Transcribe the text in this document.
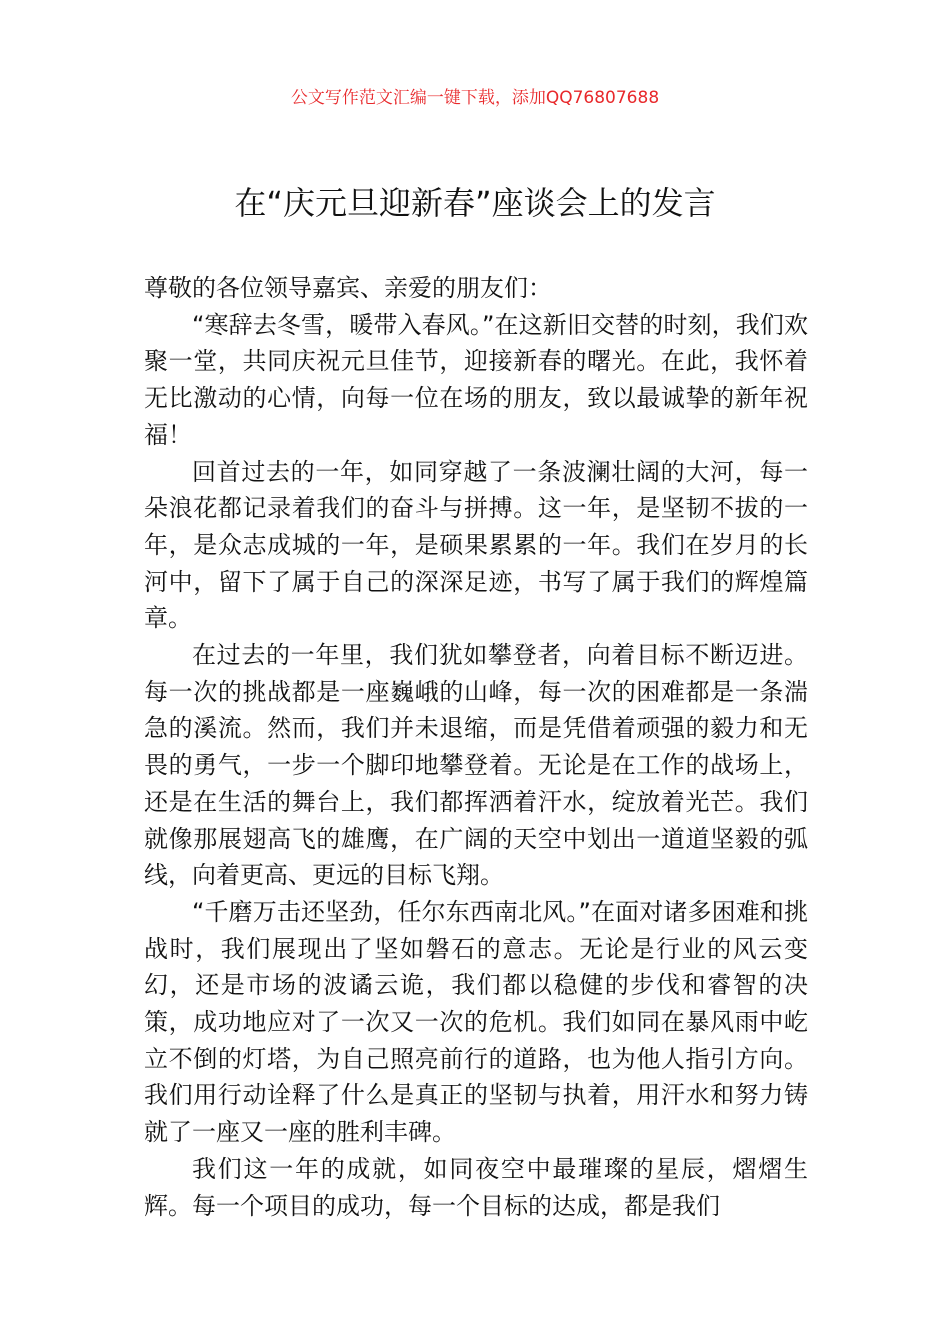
公文写作范文汇编一键下载，添加QQ76807688
在“庆元旦迎新春”座谈会上的发言

尊敬的各位领导嘉宾、亲爱的朋友们：

“寒辞去冬雪，暖带入春风。”在这新旧交替的时刻，我们欢聚一堂，共同庆祝元旦佳节，迎接新春的曙光。在此，我怀着无比激动的心情，向每一位在场的朋友，致以最诚挚的新年祝福！

回首过去的一年，如同穿越了一条波澜壮阔的大河，每一朵浪花都记录着我们的奋斗与拼搏。这一年，是坚韧不拔的一年，是众志成城的一年，是硕果累累的一年。我们在岁月的长河中，留下了属于自己的深深足迹，书写了属于我们的辉煌篇章。

在过去的一年里，我们犹如攀登者，向着目标不断迈进。每一次的挑战都是一座巍峨的山峰，每一次的困难都是一条湍急的溪流。然而，我们并未退缩，而是凭借着顽强的毅力和无畏的勇气，一步一个脚印地攀登着。无论是在工作的战场上，还是在生活的舞台上，我们都挥洒着汗水，绽放着光芒。我们就像那展翅高飞的雄鹰，在广阔的天空中划出一道道坚毅的弧线，向着更高、更远的目标飞翔。

“千磨万击还坚劲，任尔东西南北风。”在面对诸多困难和挑战时，我们展现出了坚如磐石的意志。无论是行业的风云变幻，还是市场的波谲云诡，我们都以稳健的步伐和睿智的决策，成功地应对了一次又一次的危机。我们如同在暴风雨中屹立不倒的灯塔，为自己照亮前行的道路，也为他人指引方向。我们用行动诠释了什么是真正的坚韧与执着，用汗水和努力铸就了一座又一座的胜利丰碑。

我们这一年的成就，如同夜空中最璀璨的星辰，熠熠生辉。每一个项目的成功，每一个目标的达成，都是我们
